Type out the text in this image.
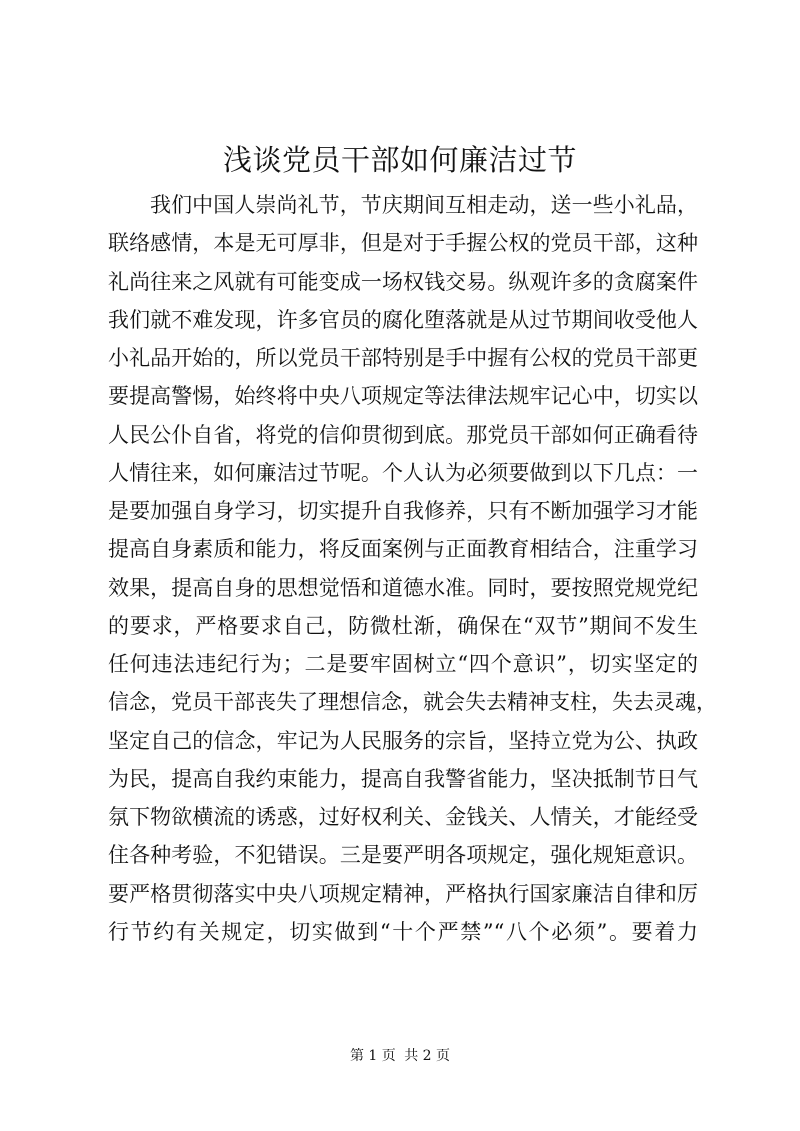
浅谈党员干部如何廉洁过节
我们中国人崇尚礼节，节庆期间互相走动，送一些小礼品，
联络感情，本是无可厚非，但是对于手握公权的党员干部，这种
礼尚往来之风就有可能变成一场权钱交易。纵观许多的贪腐案件
我们就不难发现，许多官员的腐化堕落就是从过节期间收受他人
小礼品开始的，所以党员干部特别是手中握有公权的党员干部更
要提高警惕，始终将中央八项规定等法律法规牢记心中，切实以
人民公仆自省，将党的信仰贯彻到底。那党员干部如何正确看待
人情往来，如何廉洁过节呢。个人认为必须要做到以下几点：一
是要加强自身学习，切实提升自我修养，只有不断加强学习才能
提高自身素质和能力，将反面案例与正面教育相结合，注重学习
效果，提高自身的思想觉悟和道德水准。同时，要按照党规党纪
的要求，严格要求自己，防微杜渐，确保在“双节”期间不发生
任何违法违纪行为；二是要牢固树立“四个意识”，切实坚定的
信念，党员干部丧失了理想信念，就会失去精神支柱，失去灵魂，
坚定自己的信念，牢记为人民服务的宗旨，坚持立党为公、执政
为民，提高自我约束能力，提高自我警省能力，坚决抵制节日气
氛下物欲横流的诱惑，过好权利关、金钱关、人情关，才能经受
住各种考验，不犯错误。三是要严明各项规定，强化规矩意识。
要严格贯彻落实中央八项规定精神，严格执行国家廉洁自律和厉
行节约有关规定，切实做到“十个严禁”“八个必须”。要着力
第 1 页 共 2 页
